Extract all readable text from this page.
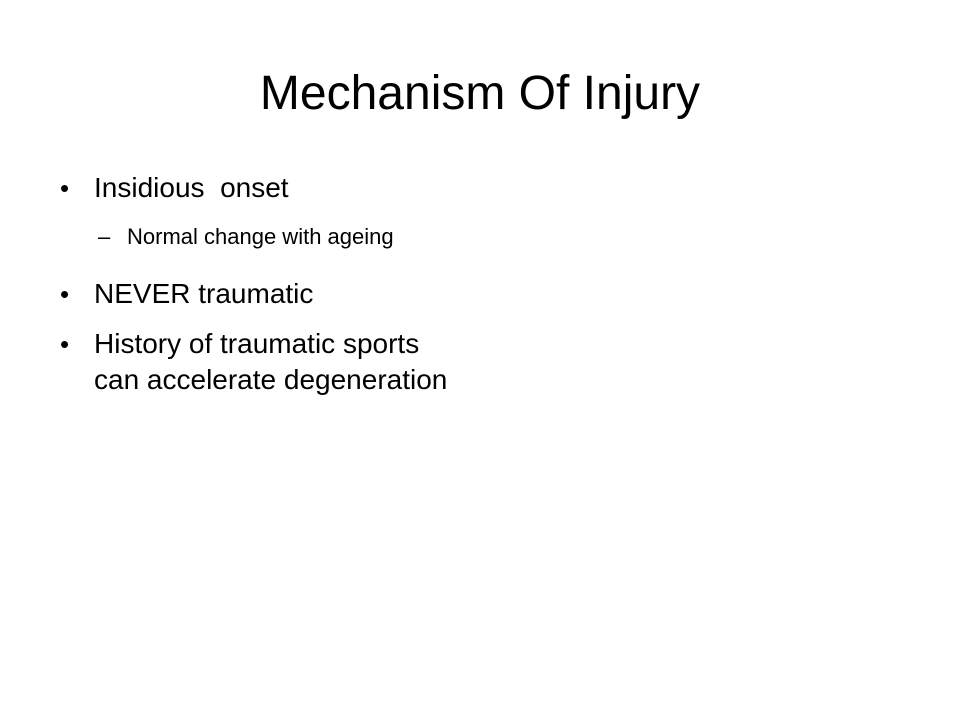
Mechanism Of Injury
• Insidious  onset
– Normal change with ageing
• NEVER traumatic
• History of traumatic sports can accelerate degeneration
